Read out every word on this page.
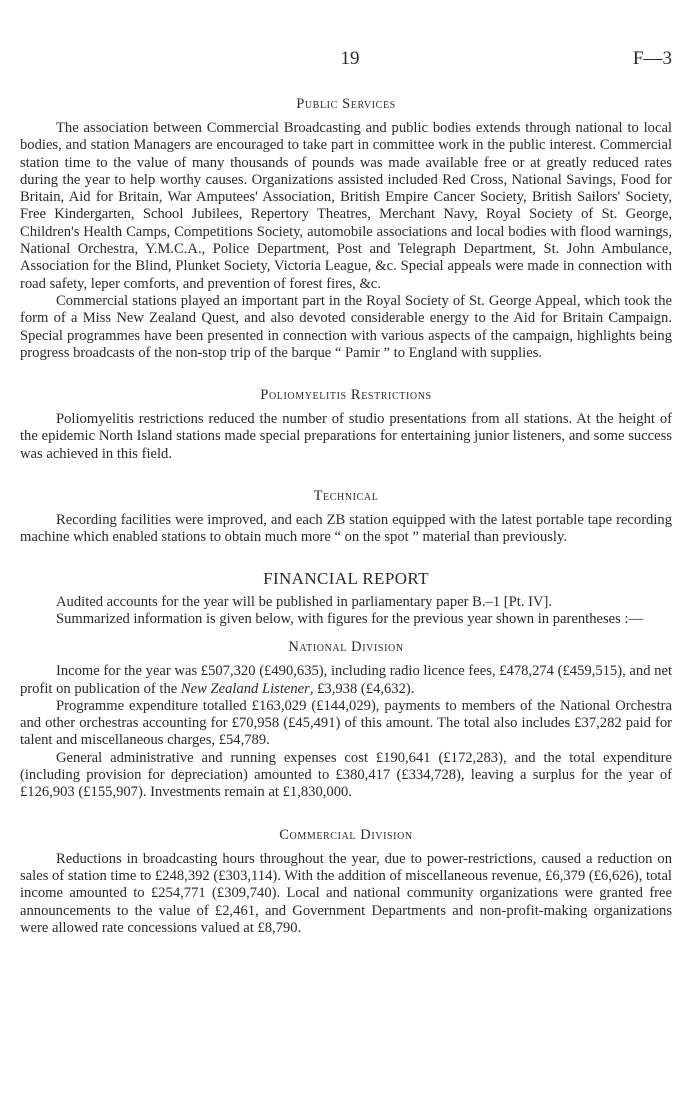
19	F—3
Public Services

The association between Commercial Broadcasting and public bodies extends through national to local bodies, and station Managers are encouraged to take part in committee work in the public interest. Commercial station time to the value of many thousands of pounds was made available free or at greatly reduced rates during the year to help worthy causes. Organizations assisted included Red Cross, National Savings, Food for Britain, Aid for Britain, War Amputees' Association, British Empire Cancer Society, British Sailors' Society, Free Kindergarten, School Jubilees, Repertory Theatres, Merchant Navy, Royal Society of St. George, Children's Health Camps, Competitions Society, automobile associations and local bodies with flood warnings, National Orchestra, Y.M.C.A., Police Department, Post and Telegraph Department, St. John Ambulance, Association for the Blind, Plunket Society, Victoria League, &c. Special appeals were made in connection with road safety, leper comforts, and prevention of forest fires, &c.

Commercial stations played an important part in the Royal Society of St. George Appeal, which took the form of a Miss New Zealand Quest, and also devoted considerable energy to the Aid for Britain Campaign. Special programmes have been presented in connection with various aspects of the campaign, highlights being progress broadcasts of the non-stop trip of the barque “ Pamir ” to England with supplies.

Poliomyelitis Restrictions

Poliomyelitis restrictions reduced the number of studio presentations from all stations. At the height of the epidemic North Island stations made special preparations for entertaining junior listeners, and some success was achieved in this field.

Technical

Recording facilities were improved, and each ZB station equipped with the latest portable tape recording machine which enabled stations to obtain much more “ on the spot ” material than previously.

FINANCIAL REPORT

Audited accounts for the year will be published in parliamentary paper B.–1 [Pt. IV].

Summarized information is given below, with figures for the previous year shown in parentheses :—

National Division

Income for the year was £507,320 (£490,635), including radio licence fees, £478,274 (£459,515), and net profit on publication of the New Zealand Listener, £3,938 (£4,632).

Programme expenditure totalled £163,029 (£144,029), payments to members of the National Orchestra and other orchestras accounting for £70,958 (£45,491) of this amount. The total also includes £37,282 paid for talent and miscellaneous charges, £54,789.

General administrative and running expenses cost £190,641 (£172,283), and the total expenditure (including provision for depreciation) amounted to £380,417 (£334,728), leaving a surplus for the year of £126,903 (£155,907). Investments remain at £1,830,000.

Commercial Division

Reductions in broadcasting hours throughout the year, due to power-restrictions, caused a reduction on sales of station time to £248,392 (£303,114). With the addition of miscellaneous revenue, £6,379 (£6,626), total income amounted to £254,771 (£309,740). Local and national community organizations were granted free announcements to the value of £2,461, and Government Departments and non-profit-making organizations were allowed rate concessions valued at £8,790.
